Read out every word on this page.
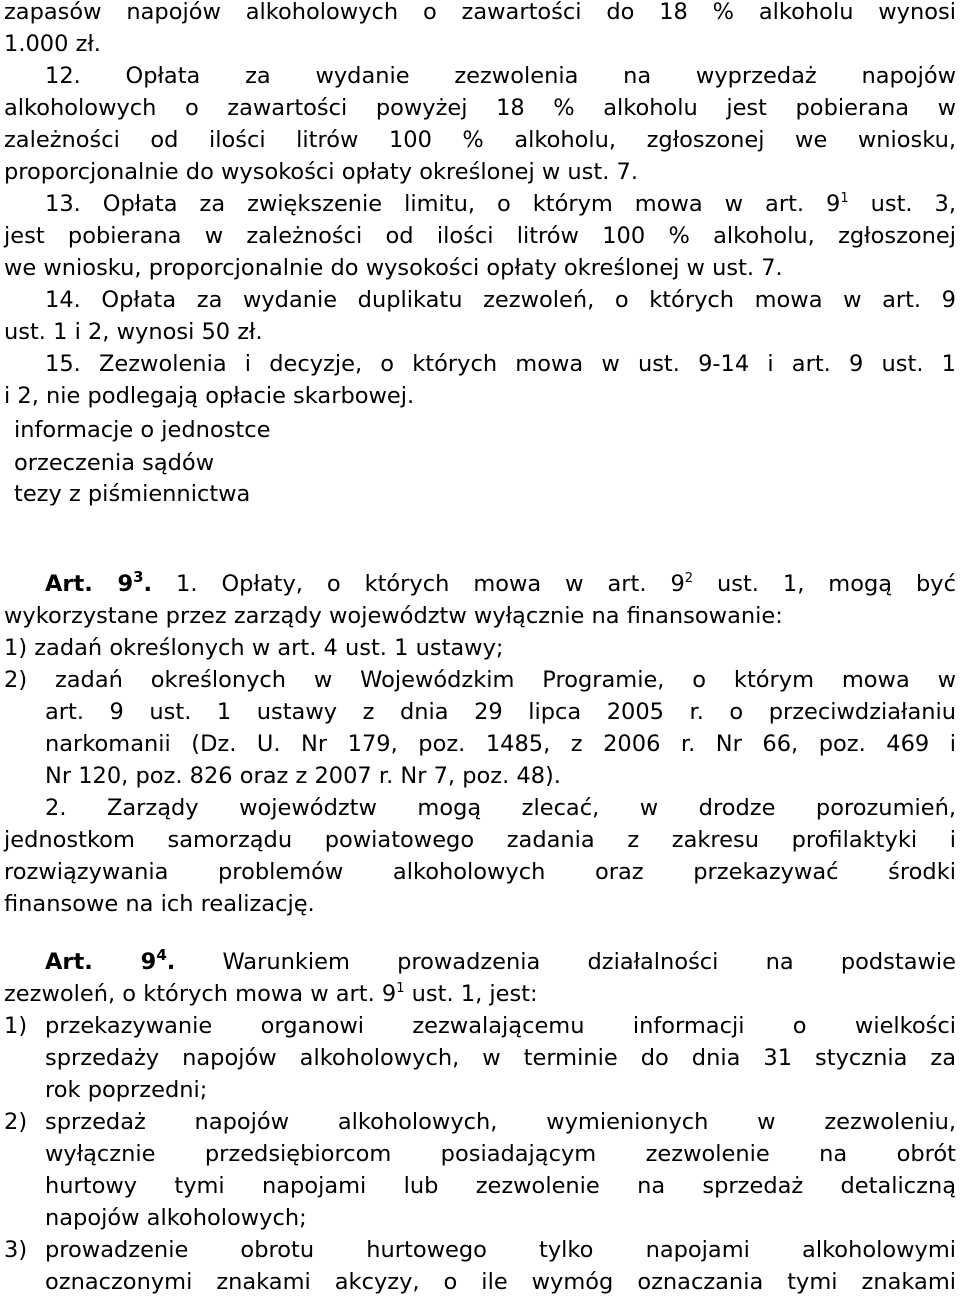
zapasów napojów alkoholowych o zawartości do 18 % alkoholu wynosi
1.000 zł.
12. Opłata za wydanie zezwolenia na wyprzedaż napojów
alkoholowych o zawartości powyżej 18 % alkoholu jest pobierana w
zależności od ilości litrów 100 % alkoholu, zgłoszonej we wniosku,
proporcjonalnie do wysokości opłaty określonej w ust. 7.
13. Opłata za zwiększenie limitu, o którym mowa w art. $9^1$ ust. 3,
jest pobierana w zależności od ilości litrów 100 % alkoholu, zgłoszonej
we wniosku, proporcjonalnie do wysokości opłaty określonej w ust. 7.
14. Opłata za wydanie duplikatu zezwoleń, o których mowa w art. 9
ust. 1 i 2, wynosi 50 zł.
15. Zezwolenia i decyzje, o których mowa w ust. 9-14 i art. 9 ust. 1
i 2, nie podlegają opłacie skarbowej.
informacje o jednostce
orzeczenia sądów
tezy z piśmiennictwa
Art. $9^3$. 1. Opłaty, o których mowa w art. $9^2$ ust. 1, mogą być
wykorzystane przez zarządy województw wyłącznie na finansowanie:
1) zadań określonych w art. 4 ust. 1 ustawy;
2) zadań określonych w Wojewódzkim Programie, o którym mowa w
art. 9 ust. 1 ustawy z dnia 29 lipca 2005 r. o przeciwdziałaniu
narkomanii (Dz. U. Nr 179, poz. 1485, z 2006 r. Nr 66, poz. 469 i
Nr 120, poz. 826 oraz z 2007 r. Nr 7, poz. 48).
2. Zarządy województw mogą zlecać, w drodze porozumień,
jednostkom samorządu powiatowego zadania z zakresu profilaktyki i
rozwiązywania problemów alkoholowych oraz przekazywać środki
finansowe na ich realizację.
Art. $9^4$. Warunkiem prowadzenia działalności na podstawie
zezwoleń, o których mowa w art. $9^1$ ust. 1, jest:
1) przekazywanie organowi zezwalającemu informacji o wielkości
sprzedaży napojów alkoholowych, w terminie do dnia 31 stycznia za
rok poprzedni;
2) sprzedaż napojów alkoholowych, wymienionych w zezwoleniu,
wyłącznie przedsiębiorcom posiadającym zezwolenie na obrót
hurtowy tymi napojami lub zezwolenie na sprzedaż detaliczną
napojów alkoholowych;
3) prowadzenie obrotu hurtowego tylko napojami alkoholowymi
oznaczonymi znakami akcyzy, o ile wymóg oznaczania tymi znakami
